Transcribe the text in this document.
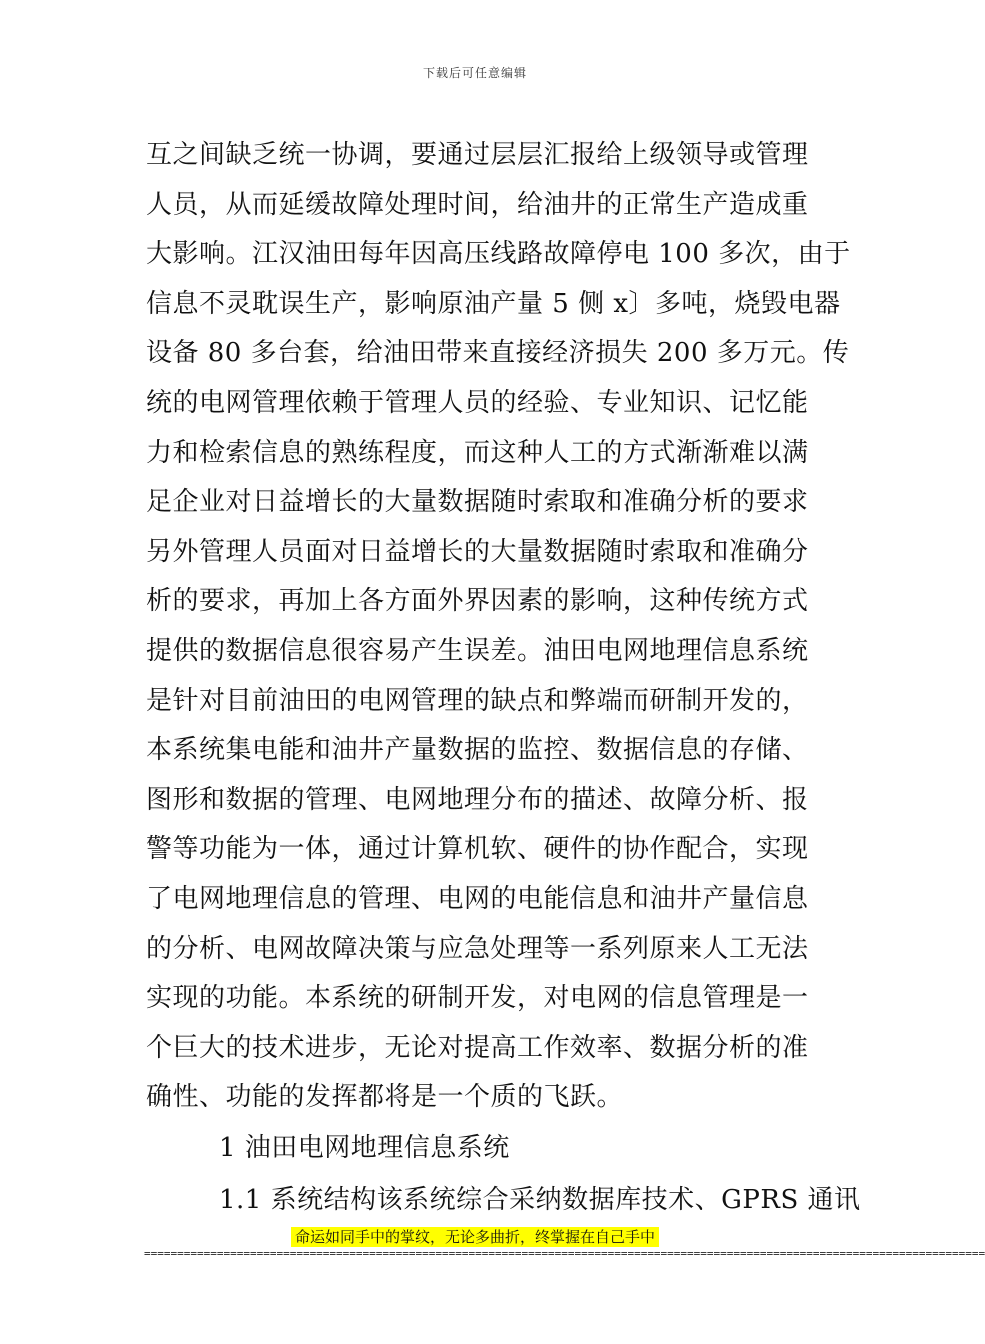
下载后可任意编辑
互之间缺乏统一协调，要通过层层汇报给上级领导或管理
人员，从而延缓故障处理时间，给油井的正常生产造成重
大影响。江汉油田每年因高压线路故障停电 100 多次，由于
信息不灵耽误生产，影响原油产量 5 侧 x〕多吨，烧毁电器
设备 80 多台套，给油田带来直接经济损失 200 多万元。传
统的电网管理依赖于管理人员的经验、专业知识、记忆能
力和检索信息的熟练程度，而这种人工的方式渐渐难以满
足企业对日益增长的大量数据随时索取和准确分析的要求
另外管理人员面对日益增长的大量数据随时索取和准确分
析的要求，再加上各方面外界因素的影响，这种传统方式
提供的数据信息很容易产生误差。油田电网地理信息系统
是针对目前油田的电网管理的缺点和弊端而研制开发的，
本系统集电能和油井产量数据的监控、数据信息的存储、
图形和数据的管理、电网地理分布的描述、故障分析、报
警等功能为一体，通过计算机软、硬件的协作配合，实现
了电网地理信息的管理、电网的电能信息和油井产量信息
的分析、电网故障决策与应急处理等一系列原来人工无法
实现的功能。本系统的研制开发，对电网的信息管理是一
个巨大的技术进步，无论对提高工作效率、数据分析的准
确性、功能的发挥都将是一个质的飞跃。
1 油田电网地理信息系统
1.1 系统结构该系统综合采纳数据库技术、GPRS 通讯
命运如同手中的掌纹，无论多曲折，终掌握在自己手中
===============================================================================================================================
